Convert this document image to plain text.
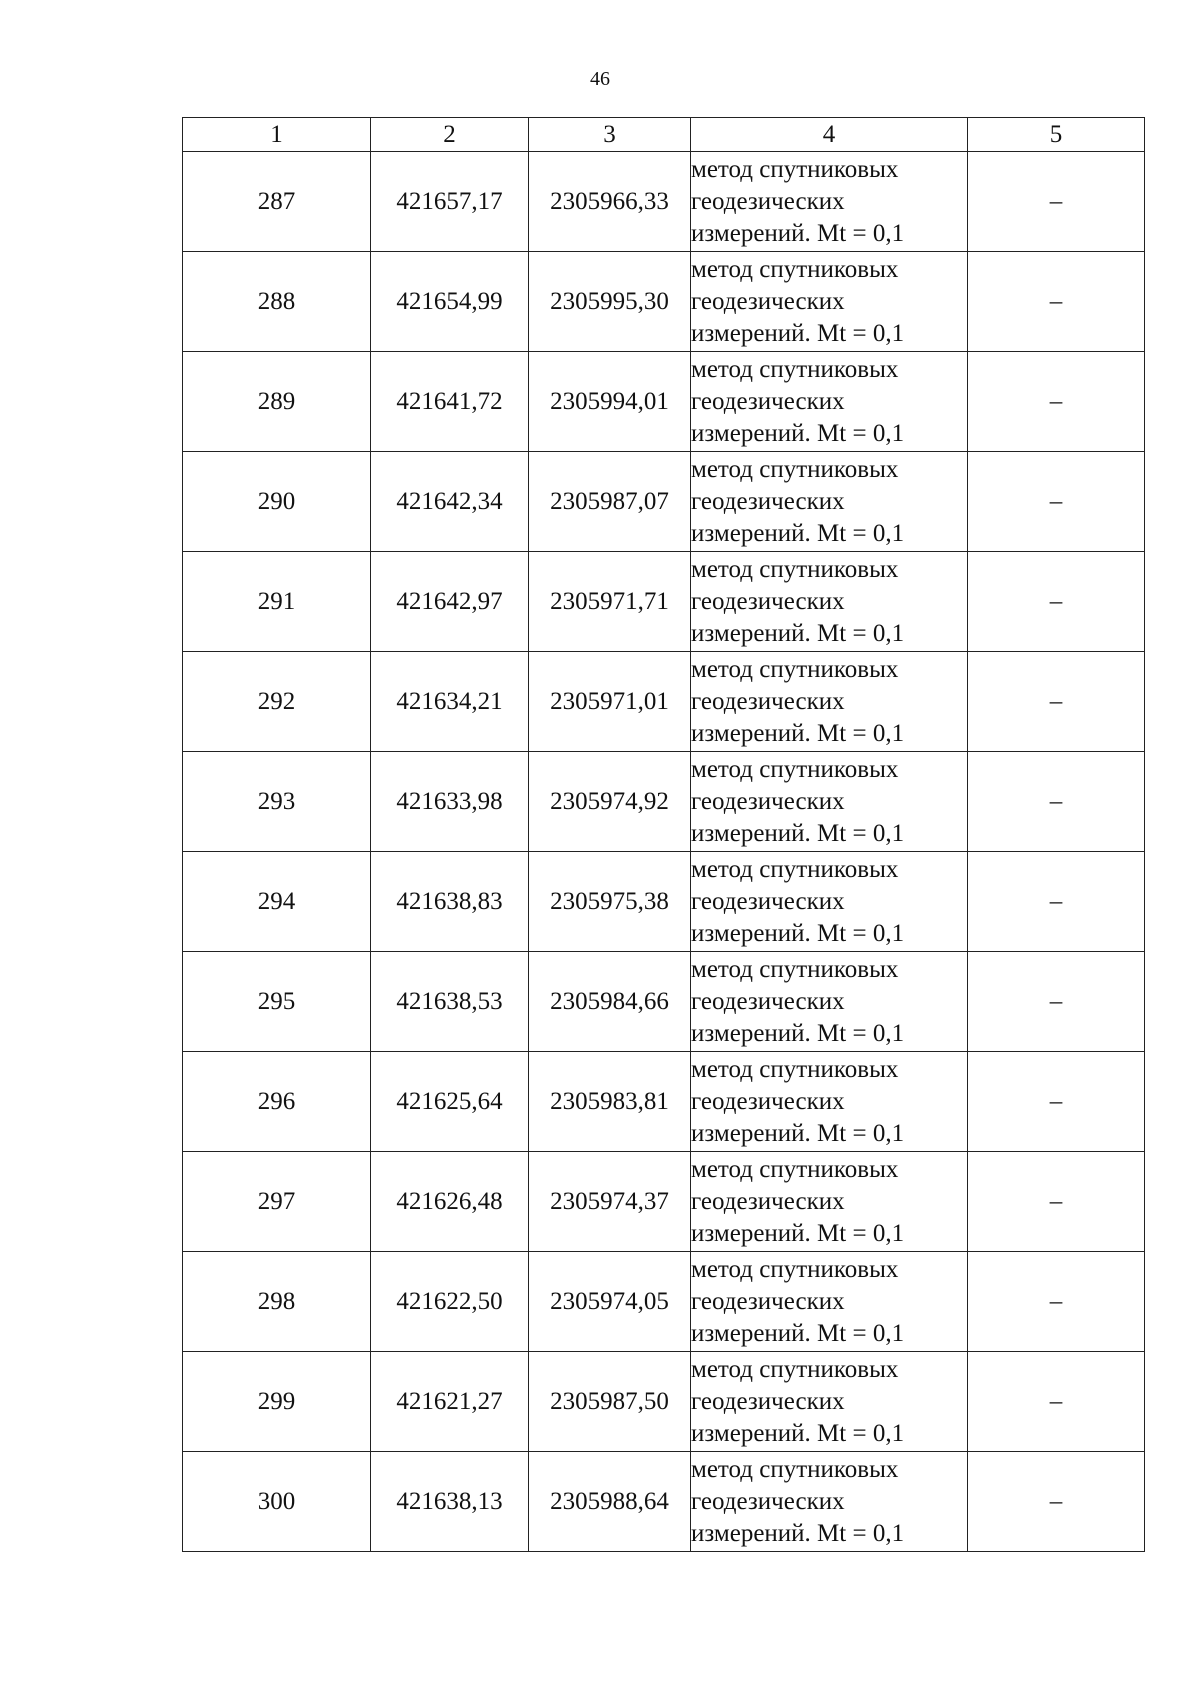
46
1	2	3	4	5
287	421657,17	2305966,33	метод спутниковых
геодезических
измерений. Mt = 0,1	–
288	421654,99	2305995,30	метод спутниковых
геодезических
измерений. Mt = 0,1	–
289	421641,72	2305994,01	метод спутниковых
геодезических
измерений. Mt = 0,1	–
290	421642,34	2305987,07	метод спутниковых
геодезических
измерений. Mt = 0,1	–
291	421642,97	2305971,71	метод спутниковых
геодезических
измерений. Mt = 0,1	–
292	421634,21	2305971,01	метод спутниковых
геодезических
измерений. Mt = 0,1	–
293	421633,98	2305974,92	метод спутниковых
геодезических
измерений. Mt = 0,1	–
294	421638,83	2305975,38	метод спутниковых
геодезических
измерений. Mt = 0,1	–
295	421638,53	2305984,66	метод спутниковых
геодезических
измерений. Mt = 0,1	–
296	421625,64	2305983,81	метод спутниковых
геодезических
измерений. Mt = 0,1	–
297	421626,48	2305974,37	метод спутниковых
геодезических
измерений. Mt = 0,1	–
298	421622,50	2305974,05	метод спутниковых
геодезических
измерений. Mt = 0,1	–
299	421621,27	2305987,50	метод спутниковых
геодезических
измерений. Mt = 0,1	–
300	421638,13	2305988,64	метод спутниковых
геодезических
измерений. Mt = 0,1	–
